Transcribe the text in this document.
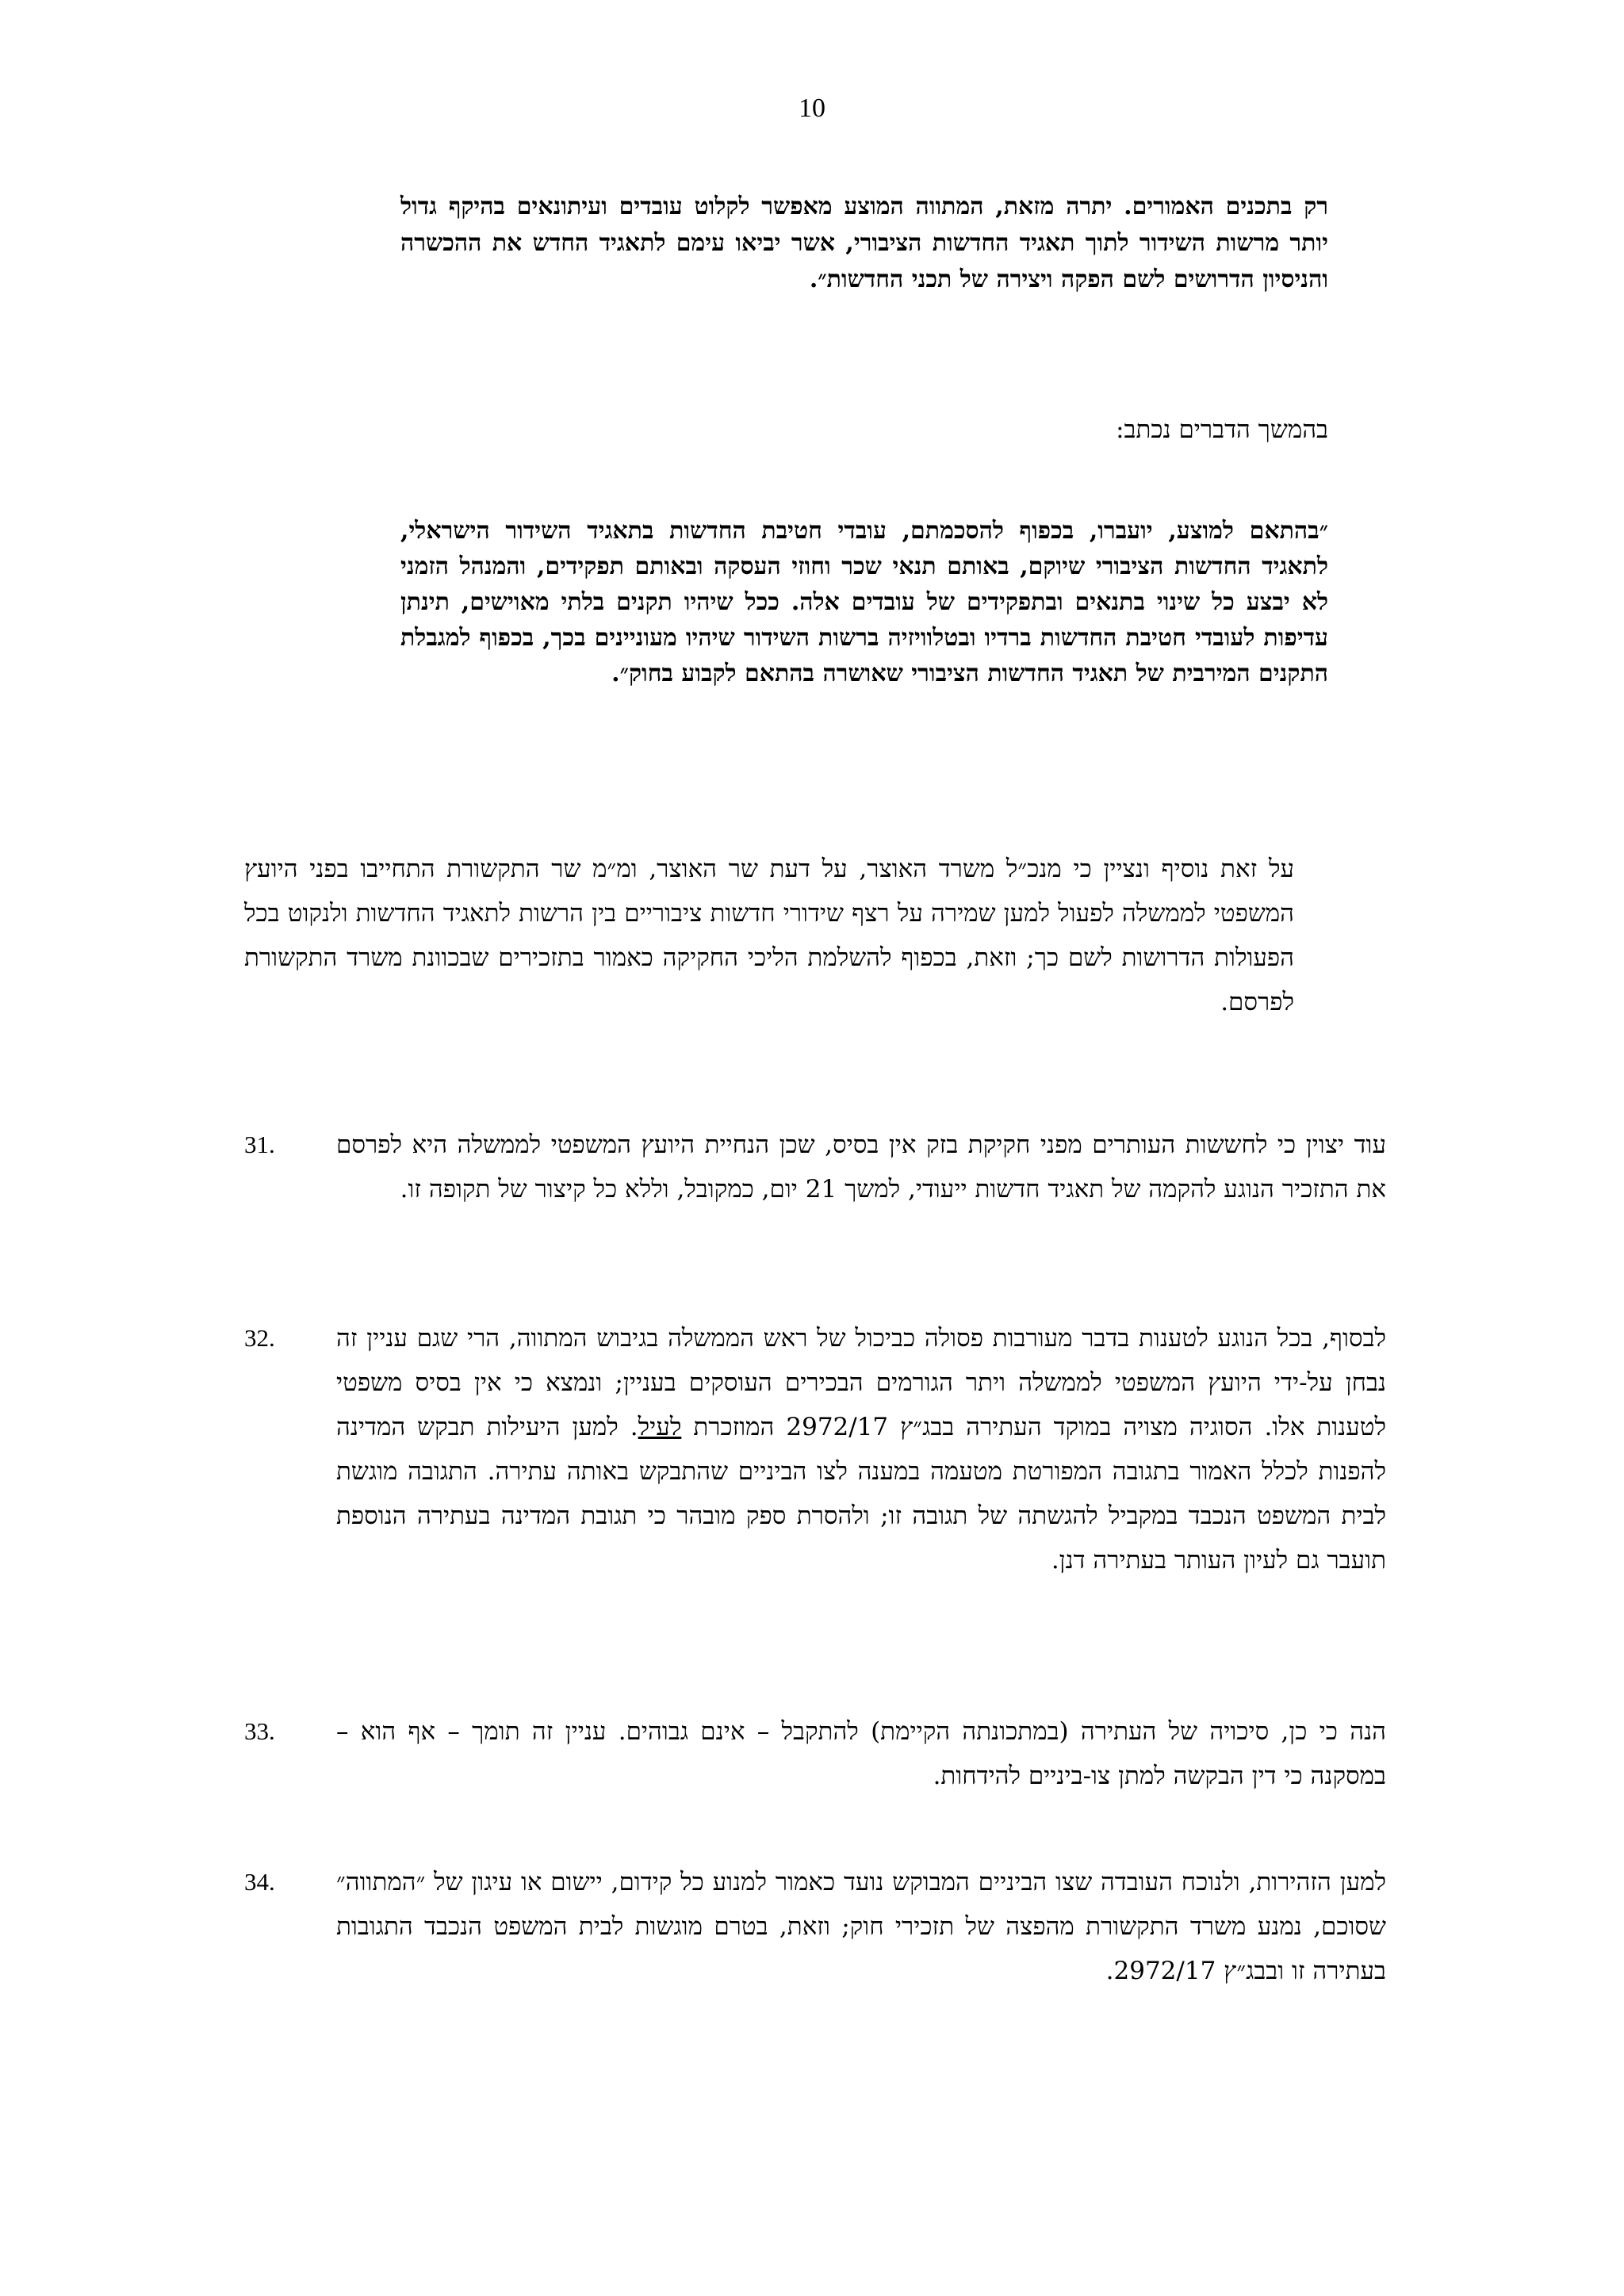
10
רק בתכנים האמורים. יתרה מזאת, המתווה המוצע מאפשר לקלוט עובדים ועיתונאים בהיקף גדול יותר מרשות השידור לתוך תאגיד החדשות הציבורי, אשר יביאו עימם לתאגיד החדש את ההכשרה והניסיון הדרושים לשם הפקה ויצירה של תכני החדשות״.
בהמשך הדברים נכתב:
״בהתאם למוצע, יועברו, בכפוף להסכמתם, עובדי חטיבת החדשות בתאגיד השידור הישראלי, לתאגיד החדשות הציבורי שיוקם, באותם תנאי שכר וחוזי העסקה ובאותם תפקידים, והמנהל הזמני לא יבצע כל שינוי בתנאים ובתפקידים של עובדים אלה. ככל שיהיו תקנים בלתי מאוישים, תינתן עדיפות לעובדי חטיבת החדשות ברדיו ובטלוויזיה ברשות השידור שיהיו מעוניינים בכך, בכפוף למגבלת התקנים המירבית של תאגיד החדשות הציבורי שאושרה בהתאם לקבוע בחוק״.
על זאת נוסיף ונציין כי מנכ״ל משרד האוצר, על דעת שר האוצר, ומ״מ שר התקשורת התחייבו בפני היועץ המשפטי לממשלה לפעול למען שמירה על רצף שידורי חדשות ציבוריים בין הרשות לתאגיד החדשות ולנקוט בכל הפעולות הדרושות לשם כך; וזאת, בכפוף להשלמת הליכי החקיקה כאמור בתזכירים שבכוונת משרד התקשורת לפרסם.
עוד יצוין כי לחששות העותרים מפני חקיקת בזק אין בסיס, שכן הנחיית היועץ המשפטי לממשלה היא לפרסם את התזכיר הנוגע להקמה של תאגיד חדשות ייעודי, למשך 21 יום, כמקובל, וללא כל קיצור של תקופה זו.
31.
לבסוף, בכל הנוגע לטענות בדבר מעורבות פסולה כביכול של ראש הממשלה בגיבוש המתווה, הרי שגם עניין זה נבחן על-ידי היועץ המשפטי לממשלה ויתר הגורמים הבכירים העוסקים בעניין; ונמצא כי אין בסיס משפטי לטענות אלו. הסוגיה מצויה במוקד העתירה בבג״ץ 2972/17 המוזכרת לעיל. למען היעילות תבקש המדינה להפנות לכלל האמור בתגובה המפורטת מטעמה במענה לצו הביניים שהתבקש באותה עתירה. התגובה מוגשת לבית המשפט הנכבד במקביל להגשתה של תגובה זו; ולהסרת ספק מובהר כי תגובת המדינה בעתירה הנוספת תועבר גם לעיון העותר בעתירה דנן.
32.
הנה כי כן, סיכויה של העתירה (במתכונתה הקיימת) להתקבל – אינם גבוהים. עניין זה תומך – אף הוא – במסקנה כי דין הבקשה למתן צו-ביניים להידחות.
33.
למען הזהירות, ולנוכח העובדה שצו הביניים המבוקש נועד כאמור למנוע כל קידום, יישום או עיגון של ״המתווה״ שסוכם, נמנע משרד התקשורת מהפצה של תזכירי חוק; וזאת, בטרם מוגשות לבית המשפט הנכבד התגובות בעתירה זו ובבג״ץ 2972/17.
34.
